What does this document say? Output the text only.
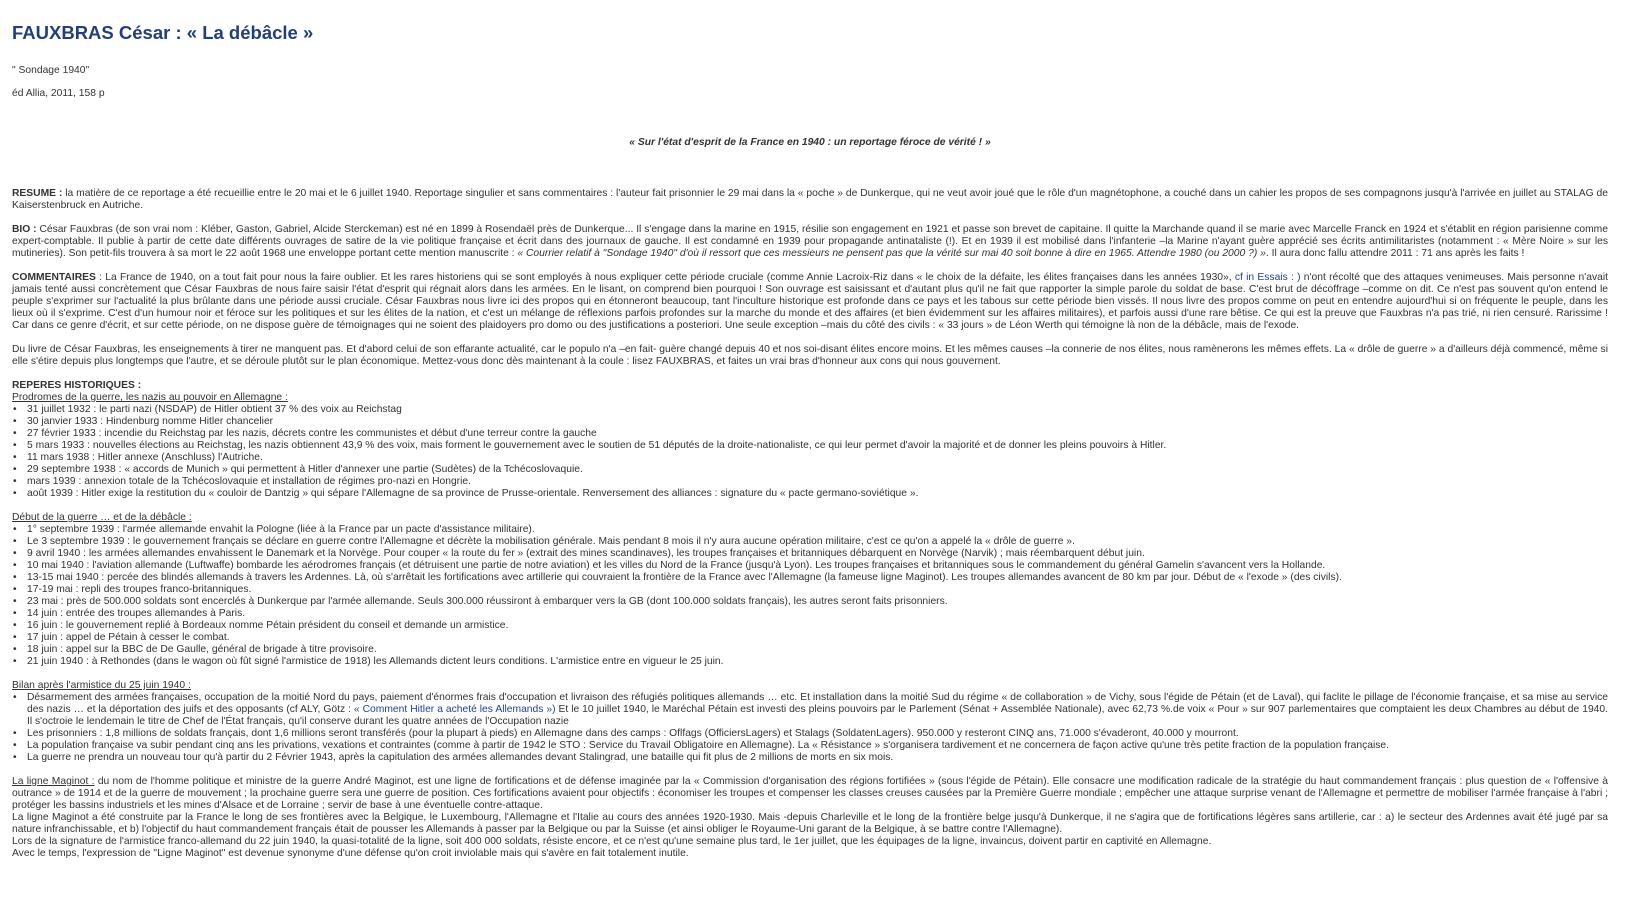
FAUXBRAS César : « La débâcle »

" Sondage 1940"

éd Allia, 2011, 158 p

« Sur l'état d'esprit de la France en 1940 : un reportage féroce de vérité ! »

RESUME : la matière de ce reportage a été recueillie entre le 20 mai et le 6 juillet 1940. Reportage singulier et sans commentaires : l'auteur fait prisonnier le 29 mai dans la « poche » de Dunkerque, qui ne veut avoir joué que le rôle d'un magnétophone, a couché dans un cahier les propos de ses compagnons jusqu'à l'arrivée en juillet au STALAG de Kaiserstenbruck en Autriche.

BIO : César Fauxbras (de son vrai nom : Kléber, Gaston, Gabriel, Alcide Sterckeman) est né en 1899 à Rosendaël près de Dunkerque... Il s'engage dans la marine en 1915, résilie son engagement en 1921 et passe son brevet de capitaine. Il quitte la Marchande quand il se marie avec Marcelle Franck en 1924 et s'établit en région parisienne comme expert-comptable. Il publie à partir de cette date différents ouvrages de satire de la vie politique française et écrit dans des journaux de gauche. Il est condamné en 1939 pour propagande antinataliste (!). Et en 1939 il est mobilisé dans l'infanterie –la Marine n'ayant guère apprécié ses écrits antimilitaristes (notamment : « Mère Noire » sur les mutineries). Son petit-fils trouvera à sa mort le 22 août 1968 une enveloppe portant cette mention manuscrite : « Courrier relatif à "Sondage 1940" d'où il ressort que ces messieurs ne pensent pas que la vérité sur mai 40 soit bonne à dire en 1965. Attendre 1980 (ou 2000 ?) ». Il aura donc fallu attendre 2011 : 71 ans après les faits !

COMMENTAIRES : La France de 1940, on a tout fait pour nous la faire oublier. Et les rares historiens qui se sont employés à nous expliquer cette période cruciale (comme Annie Lacroix-Riz dans « le choix de la défaite, les élites françaises dans les années 1930», cf in Essais : ) n'ont récolté que des attaques venimeuses. Mais personne n'avait jamais tenté aussi concrètement que César Fauxbras de nous faire saisir l'état d'esprit qui régnait alors dans les armées. En le lisant, on comprend bien pourquoi ! Son ouvrage est saisissant et d'autant plus qu'il ne fait que rapporter la simple parole du soldat de base. C'est brut de décoffrage –comme on dit. Ce n'est pas souvent qu'on entend le peuple s'exprimer sur l'actualité la plus brûlante dans une période aussi cruciale. César Fauxbras nous livre ici des propos qui en étonneront beaucoup, tant l'inculture historique est profonde dans ce pays et les tabous sur cette période bien vissés. Il nous livre des propos comme on peut en entendre aujourd'hui si on fréquente le peuple, dans les lieux où il s'exprime. C'est d'un humour noir et féroce sur les politiques et sur les élites de la nation, et c'est un mélange de réflexions parfois profondes sur la marche du monde et des affaires (et bien évidemment sur les affaires militaires), et parfois aussi d'une rare bêtise. Ce qui est la preuve que Fauxbras n'a pas trié, ni rien censuré. Rarissime ! Car dans ce genre d'écrit, et sur cette période, on ne dispose guère de témoignages qui ne soient des plaidoyers pro domo ou des justifications a posteriori. Une seule exception –mais du côté des civils : « 33 jours » de Léon Werth qui témoigne là non de la débâcle, mais de l'exode.

Du livre de César Fauxbras, les enseignements à tirer ne manquent pas. Et d'abord celui de son effarante actualité, car le populo n'a –en fait- guère changé depuis 40 et nos soi-disant élites encore moins. Et les mêmes causes –la connerie de nos élites, nous ramènerons les mêmes effets. La « drôle de guerre » a d'ailleurs déjà commencé, même si elle s'étire depuis plus longtemps que l'autre, et se déroule plutôt sur le plan économique. Mettez-vous donc dès maintenant à la coule : lisez FAUXBRAS, et faites un vrai bras d'honneur aux cons qui nous gouvernent.

REPERES HISTORIQUES :
Prodromes de la guerre, les nazis au pouvoir en Allemagne :
• 31 juillet 1932 : le parti nazi (NSDAP) de Hitler obtient 37 % des voix au Reichstag
• 30 janvier 1933 : Hindenburg nomme Hitler chancelier
• 27 février 1933 : incendie du Reichstag par les nazis, décrets contre les communistes et début d'une terreur contre la gauche
• 5 mars 1933 : nouvelles élections au Reichstag, les nazis obtiennent 43,9 % des voix, mais forment le gouvernement avec le soutien de 51 députés de la droite-nationaliste, ce qui leur permet d'avoir la majorité et de donner les pleins pouvoirs à Hitler.
• 11 mars 1938 : Hitler annexe (Anschluss) l'Autriche.
• 29 septembre 1938 : « accords de Munich » qui permettent à Hitler d'annexer une partie (Sudètes) de la Tchécoslovaquie.
• mars 1939 : annexion totale de la Tchécoslovaquie et installation de régimes pro-nazi en Hongrie.
• août 1939 : Hitler exige la restitution du « couloir de Dantzig » qui sépare l'Allemagne de sa province de Prusse-orientale. Renversement des alliances : signature du « pacte germano-soviétique ».
Début de la guerre … et de la débâcle :
• 1° septembre 1939 : l'armée allemande envahit la Pologne (liée à la France par un pacte d'assistance militaire).
• Le 3 septembre 1939 : le gouvernement français se déclare en guerre contre l'Allemagne et décrète la mobilisation générale. Mais pendant 8 mois il n'y aura aucune opération militaire, c'est ce qu'on a appelé la « drôle de guerre ».
• 9 avril 1940 : les armées allemandes envahissent le Danemark et la Norvège. Pour couper « la route du fer » (extrait des mines scandinaves), les troupes françaises et britanniques débarquent en Norvège (Narvik) ; mais réembarquent début juin.
• 10 mai 1940 : l'aviation allemande (Luftwaffe) bombarde les aérodromes français (et détruisent une partie de notre aviation) et les villes du Nord de la France (jusqu'à Lyon). Les troupes françaises et britanniques sous le commandement du général Gamelin s'avancent vers la Hollande.
• 13-15 mai 1940 : percée des blindés allemands à travers les Ardennes. Là, où s'arrêtait les fortifications avec artillerie qui couvraient la frontière de la France avec l'Allemagne (la fameuse ligne Maginot). Les troupes allemandes avancent de 80 km par jour. Début de « l'exode » (des civils).
• 17-19 mai : repli des troupes franco-britanniques.
• 23 mai : près de 500.000 soldats sont encerclés à Dunkerque par l'armée allemande. Seuls 300.000 réussiront à embarquer vers la GB (dont 100.000 soldats français), les autres seront faits prisonniers.
• 14 juin : entrée des troupes allemandes à Paris.
• 16 juin : le gouvernement replié à Bordeaux nomme Pétain président du conseil et demande un armistice.
• 17 juin : appel de Pétain à cesser le combat.
• 18 juin : appel sur la BBC de De Gaulle, général de brigade à titre provisoire.
• 21 juin 1940 : à Rethondes (dans le wagon où fût signé l'armistice de 1918) les Allemands dictent leurs conditions. L'armistice entre en vigueur le 25 juin.
Bilan après l'armistice du 25 juin 1940 :
• Désarmement des armées françaises, occupation de la moitié Nord du pays, paiement d'énormes frais d'occupation et livraison des réfugiés politiques allemands … etc. Et installation dans la moitié Sud du régime « de collaboration » de Vichy, sous l'égide de Pétain (et de Laval), qui faclite le pillage de l'économie française, et sa mise au service des nazis … et la déportation des juifs et des opposants (cf ALY, Götz : « Comment Hitler a acheté les Allemands ») Et le 10 juillet 1940, le Maréchal Pétain est investi des pleins pouvoirs par le Parlement (Sénat + Assemblée Nationale), avec 62,73 %.de voix « Pour » sur 907 parlementaires que comptaient les deux Chambres au début de 1940. Il s'octroie le lendemain le titre de Chef de l'État français, qu'il conserve durant les quatre années de l'Occupation nazie
• Les prisonniers : 1,8 millions de soldats français, dont 1,6 millions seront transférés (pour la plupart à pieds) en Allemagne dans des camps : Oflfags (OfficiersLagers) et Stalags (SoldatenLagers). 950.000 y resteront CINQ ans, 71.000 s'évaderont, 40.000 y mourront.
• La population française va subir pendant cinq ans les privations, vexations et contraintes (comme à partir de 1942 le STO : Service du Travail Obligatoire en Allemagne). La « Résistance » s'organisera tardivement et ne concernera de façon active qu'une très petite fraction de la population française.
• La guerre ne prendra un nouveau tour qu'à partir du 2 Février 1943, après la capitulation des armées allemandes devant Stalingrad, une bataille qui fit plus de 2 millions de morts en six mois.
La ligne Maginot : du nom de l'homme politique et ministre de la guerre André Maginot, est une ligne de fortifications et de défense imaginée par la « Commission d'organisation des régions fortifiées » (sous l'égide de Pétain). Elle consacre une modification radicale de la stratégie du haut commandement français : plus question de « l'offensive à outrance » de 1914 et de la guerre de mouvement ; la prochaine guerre sera une guerre de position. Ces fortifications avaient pour objectifs : économiser les troupes et compenser les classes creuses causées par la Première Guerre mondiale ; empêcher une attaque surprise venant de l'Allemagne et permettre de mobiliser l'armée française à l'abri ; protéger les bassins industriels et les mines d'Alsace et de Lorraine ; servir de base à une éventuelle contre-attaque.
La ligne Maginot a été construite par la France le long de ses frontières avec la Belgique, le Luxembourg, l'Allemagne et l'Italie au cours des années 1920-1930. Mais -depuis Charleville et le long de la frontière belge jusqu'à Dunkerque, il ne s'agira que de fortifications légères sans artillerie, car : a) le secteur des Ardennes avait été jugé par sa nature infranchissable, et b) l'objectif du haut commandement français était de pousser les Allemands à passer par la Belgique ou par la Suisse (et ainsi obliger le Royaume-Uni garant de la Belgique, à se battre contre l'Allemagne).
Lors de la signature de l'armistice franco-allemand du 22 juin 1940, la quasi-totalité de la ligne, soit 400 000 soldats, résiste encore, et ce n'est qu'une semaine plus tard, le 1er juillet, que les équipages de la ligne, invaincus, doivent partir en captivité en Allemagne.
Avec le temps, l'expression de "Ligne Maginot" est devenue synonyme d'une défense qu'on croit inviolable mais qui s'avère en fait totalement inutile.
